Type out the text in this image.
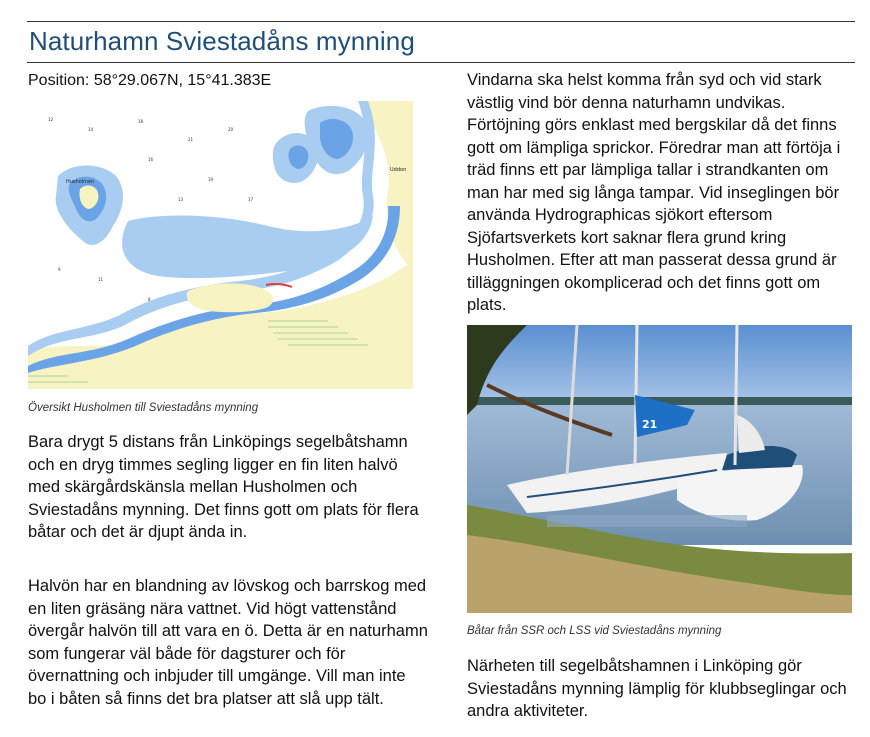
Naturhamn Sviestadåns mynning
Position: 58°29.067N, 15°41.383E
12
14
18
21
20
16
19
17
13
9
8
11
Husholmen
Uddon
Översikt Husholmen till Sviestadåns mynning

Bara drygt 5 distans från Linköpings segelbåtshamn och en dryg timmes segling ligger en fin liten halvö med skärgårdskänsla mellan Husholmen och Sviestadåns mynning. Det finns gott om plats för flera båtar och det är djupt ända in.

Halvön har en blandning av lövskog och barrskog med en liten gräsäng nära vattnet. Vid högt vattenstånd övergår halvön till att vara en ö. Detta är en naturhamn som fungerar väl både för dagsturer och för övernattning och inbjuder till umgänge. Vill man inte bo i båten så finns det bra platser att slå upp tält.

Vindarna ska helst komma från syd och vid stark västlig vind bör denna naturhamn undvikas. Förtöjning görs enklast med bergskilar då det finns gott om lämpliga sprickor. Föredrar man att förtöja i träd finns ett par lämpliga tallar i strandkanten om man har med sig långa tampar. Vid inseglingen bör använda Hydrographicas sjökort eftersom Sjöfartsverkets kort saknar flera grund kring Husholmen. Efter att man passerat dessa grund är tilläggningen okomplicerad och det finns gott om plats.

21
Båtar från SSR och LSS vid Sviestadåns mynning

Närheten till segelbåtshamnen i Linköping gör Sviestadåns mynning lämplig för klubbseglingar och andra aktiviteter.
